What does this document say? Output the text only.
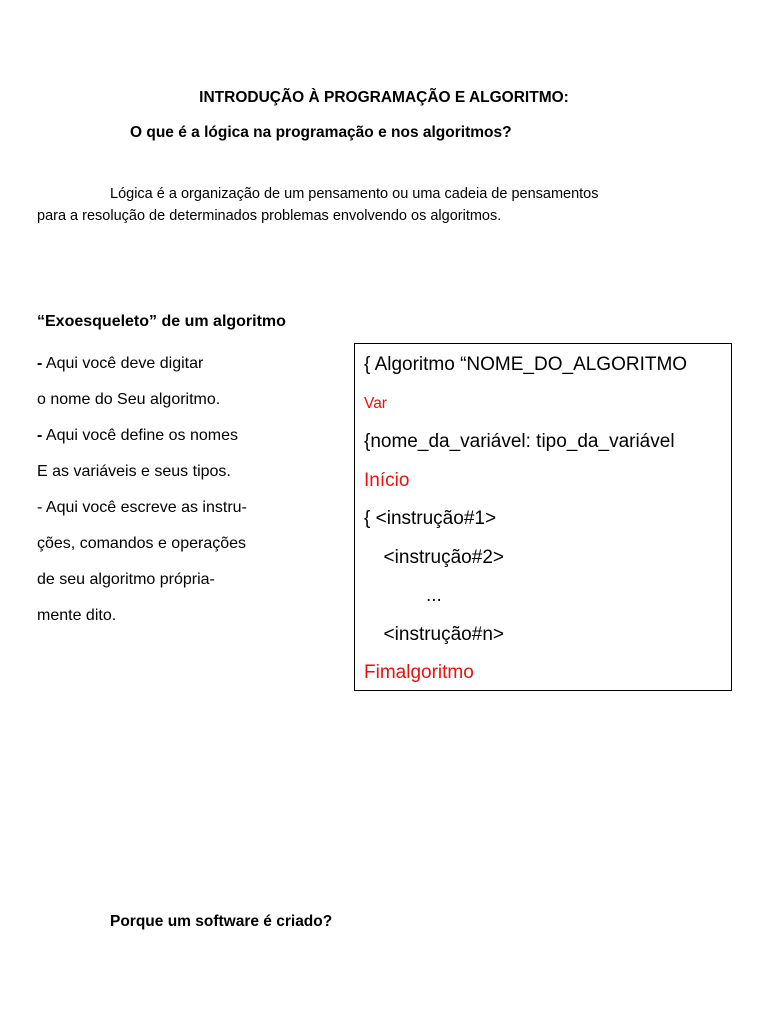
INTRODUÇÃO À PROGRAMAÇÃO E ALGORITMO:
O que é a lógica na programação e nos algoritmos?
Lógica é a organização de um pensamento ou uma cadeia de pensamentos
para a resolução de determinados problemas envolvendo os algoritmos.
“Exoesqueleto” de um algoritmo
- Aqui você deve digitar
o nome do Seu algoritmo.
- Aqui você define os nomes
E as variáveis e seus tipos.
- Aqui você escreve as instru-
ções, comandos e operações
de seu algoritmo própria-
mente dito.
{ Algoritmo “NOME_DO_ALGORITMO
Var
{nome_da_variável: tipo_da_variável
Início
{ <instrução#1>
<instrução#2>
...
<instrução#n>
Fimalgoritmo
Porque um software é criado?
